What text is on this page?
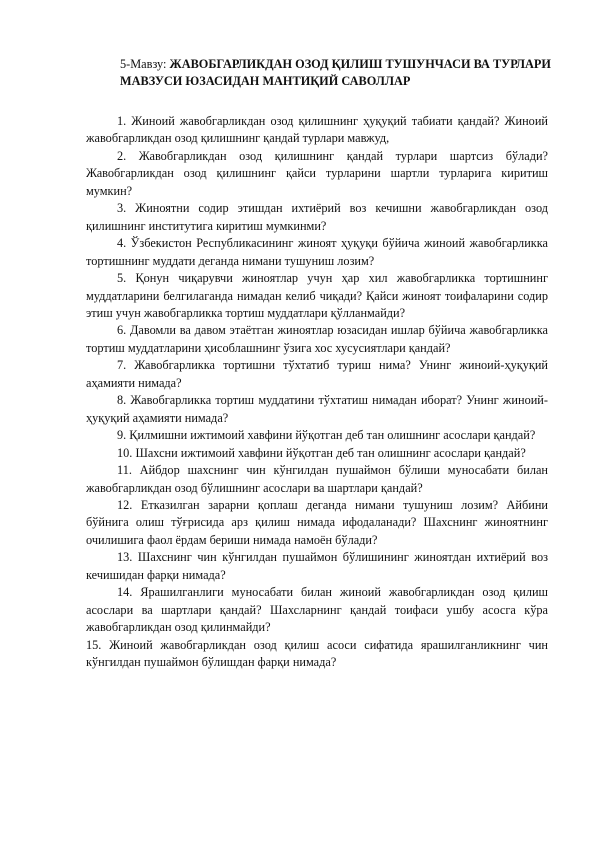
5-Мавзу: ЖАВОБГАРЛИКДАН ОЗОД ҚИЛИШ ТУШУНЧАСИ ВА ТУРЛАРИ МАВЗУСИ ЮЗАСИДАН МАНТИҚИЙ САВОЛЛАР

1. Жиноий жавобгарликдан озод қилишнинг ҳуқуқий табиати қандай? Жиноий жавобгарликдан озод қилишнинг қандай турлари мавжуд,

2. Жавобгарликдан озод қилишнинг қандай турлари шартсиз бўлади? Жавобгарликдан озод қилишнинг қайси турларини шартли турларига киритиш мумкин?

3. Жиноятни содир этишдан ихтиёрий воз кечишни жавобгарликдан озод қилишнинг институтига киритиш мумкинми?

4. Ўзбекистон Республикасининг жиноят ҳуқуқи бўйича жиноий жавобгарликка тортишнинг муддати деганда нимани тушуниш лозим?

5. Қонун чиқарувчи жиноятлар учун ҳар хил жавобгарликка тортишнинг муддатларини белгилаганда нимадан келиб чиқади? Қайси жиноят тоифаларини содир этиш учун жавобгарликка тортиш муддатлари қўлланмайди?

6. Давомли ва давом этаётган жиноятлар юзасидан ишлар бўйича жавобгарликка тортиш муддатларини ҳисоблашнинг ўзига хос хусусиятлари қандай?

7. Жавобгарликка тортишни тўхтатиб туриш нима? Унинг жиноий-ҳуқуқий аҳамияти нимада?

8. Жавобгарликка тортиш муддатини тўхтатиш нимадан иборат? Унинг жиноий-ҳуқуқий аҳамияти нимада?

9. Қилмишни ижтимоий хавфини йўқотган деб тан олишнинг асослари қандай?

10. Шахсни ижтимоий хавфини йўқотган деб тан олишнинг асослари қандай?

11. Айбдор шахснинг чин кўнгилдан пушаймон бўлиши муносабати билан жавобгарликдан озод бўлишнинг асослари ва шартлари қандай?

12. Етказилган зарарни қоплаш деганда нимани тушуниш лозим? Айбини бўйнига олиш тўғрисида арз қилиш нимада ифодаланади? Шахснинг жиноятнинг очилишига фаол ёрдам бериши нимада намоён бўлади?

13. Шахснинг чин кўнгилдан пушаймон бўлишининг жиноятдан ихтиёрий воз кечишидан фарқи нимада?

14. Ярашилганлиги муносабати билан жиноий жавобгарликдан озод қилиш асослари ва шартлари қандай? Шахсларнинг қандай тоифаси ушбу асосга кўра жавобгарликдан озод қилинмайди?

15. Жиноий жавобгарликдан озод қилиш асоси сифатида ярашилганликнинг чин кўнгилдан пушаймон бўлишдан фарқи нимада?
